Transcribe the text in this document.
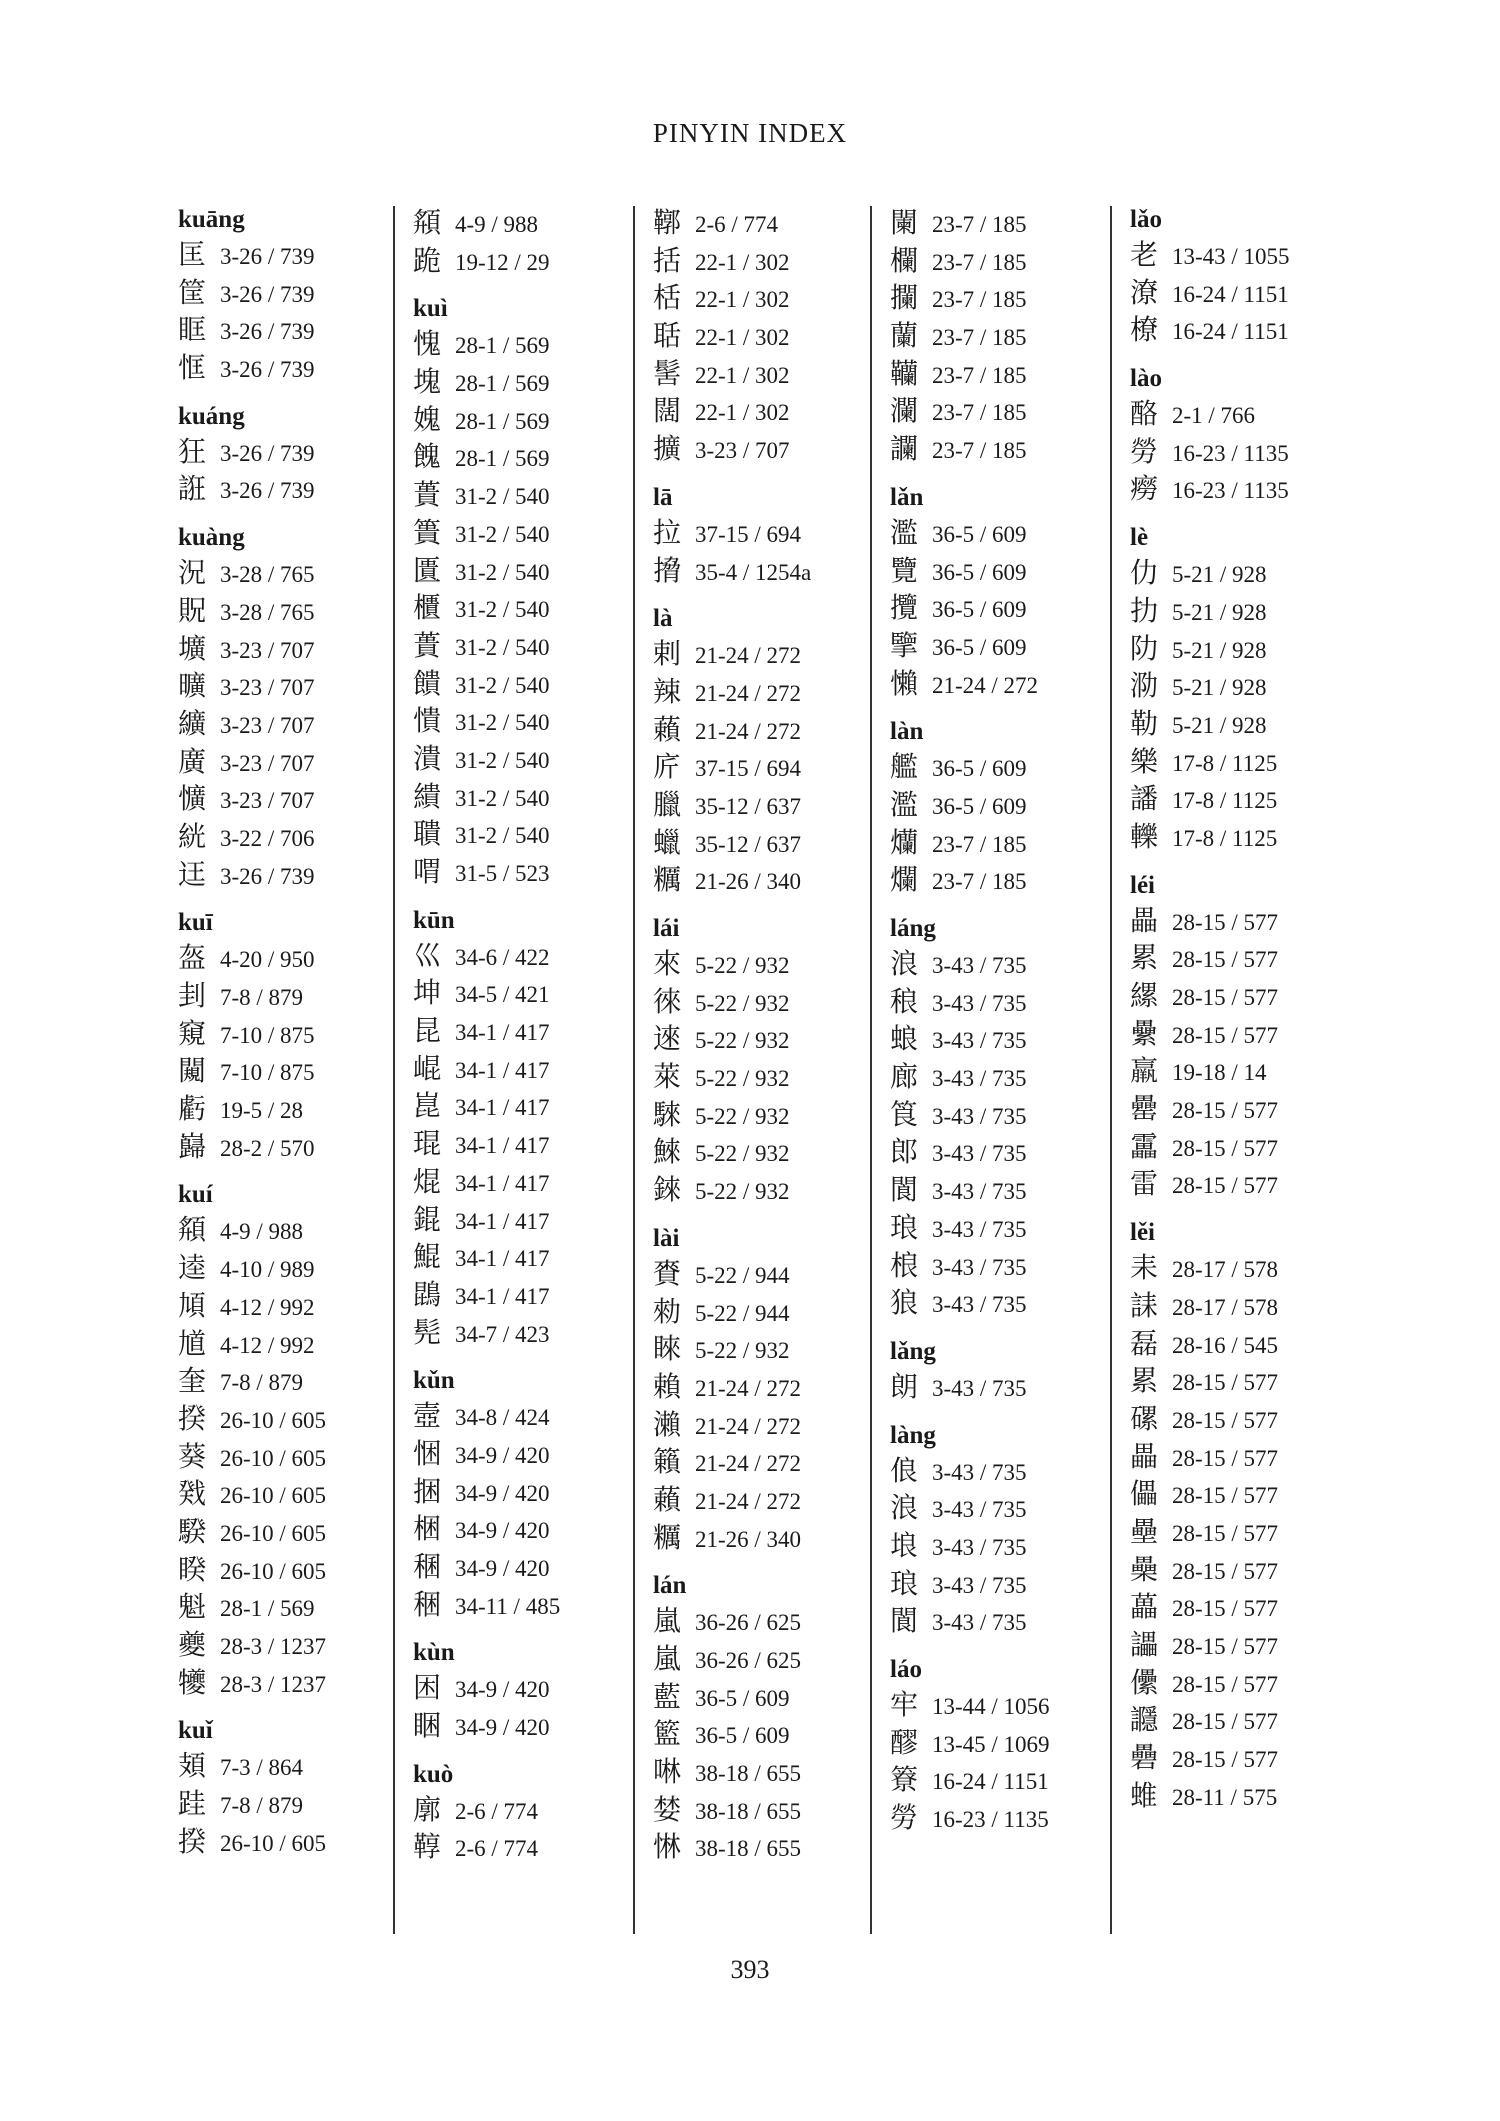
PINYIN INDEX
kuāng
匡 3-26 / 739
筐 3-26 / 739
眶 3-26 / 739
恇 3-26 / 739
kuáng
狂 3-26 / 739
誑 3-26 / 739
kuàng
況 3-28 / 765
貺 3-28 / 765
壙 3-23 / 707
曠 3-23 / 707
纊 3-23 / 707
廣 3-23 / 707
懭 3-23 / 707
絖 3-22 / 706
迋 3-26 / 739
kuī
盔 4-20 / 950
刲 7-8 / 879
窺 7-10 / 875
闚 7-10 / 875
虧 19-5 / 28
巋 28-2 / 570
kuí
頯 4-9 / 988
逵 4-10 / 989
頄 4-12 / 992
馗 4-12 / 992
奎 7-8 / 879
揆 26-10 / 605
葵 26-10 / 605
戣 26-10 / 605
騤 26-10 / 605
睽 26-10 / 605
魁 28-1 / 569
夔 28-3 / 1237
犪 28-3 / 1237
kuǐ
頍 7-3 / 864
跬 7-8 / 879
揆 26-10 / 605
頯 4-9 / 988
跪 19-12 / 29
kuì
愧 28-1 / 569
塊 28-1 / 569
媿 28-1 / 569
餽 28-1 / 569
蕢 31-2 / 540
簣 31-2 / 540
匱 31-2 / 540
櫃 31-2 / 540
蕢 31-2 / 540
饋 31-2 / 540
憒 31-2 / 540
潰 31-2 / 540
繢 31-2 / 540
聵 31-2 / 540
喟 31-5 / 523
kūn
巛 34-6 / 422
坤 34-5 / 421
昆 34-1 / 417
崐 34-1 / 417
崑 34-1 / 417
琨 34-1 / 417
焜 34-1 / 417
錕 34-1 / 417
鯤 34-1 / 417
鵾 34-1 / 417
髡 34-7 / 423
kǔn
壼 34-8 / 424
悃 34-9 / 420
捆 34-9 / 420
梱 34-9 / 420
稛 34-9 / 420
稇 34-11 / 485
kùn
困 34-9 / 420
睏 34-9 / 420
kuò
廓 2-6 / 774
鞟 2-6 / 774
鞹 2-6 / 774
括 22-1 / 302
栝 22-1 / 302
聒 22-1 / 302
髺 22-1 / 302
闊 22-1 / 302
擴 3-23 / 707
lā
拉 37-15 / 694
搚 35-4 / 1254a
là
剌 21-24 / 272
辣 21-24 / 272
藾 21-24 / 272
庍 37-15 / 694
臘 35-12 / 637
蠟 35-12 / 637
糲 21-26 / 340
lái
來 5-22 / 932
徠 5-22 / 932
逨 5-22 / 932
萊 5-22 / 932
騋 5-22 / 932
鯠 5-22 / 932
錸 5-22 / 932
lài
賚 5-22 / 944
勑 5-22 / 944
睞 5-22 / 932
賴 21-24 / 272
瀨 21-24 / 272
籟 21-24 / 272
藾 21-24 / 272
糲 21-26 / 340
lán
嵐 36-26 / 625
嵐 36-26 / 625
藍 36-5 / 609
籃 36-5 / 609
啉 38-18 / 655
婪 38-18 / 655
惏 38-18 / 655
闌 23-7 / 185
欄 23-7 / 185
攔 23-7 / 185
蘭 23-7 / 185
韊 23-7 / 185
瀾 23-7 / 185
讕 23-7 / 185
lǎn
濫 36-5 / 609
覽 36-5 / 609
攬 36-5 / 609
擥 36-5 / 609
懶 21-24 / 272
làn
艦 36-5 / 609
濫 36-5 / 609
爤 23-7 / 185
爛 23-7 / 185
láng
浪 3-43 / 735
稂 3-43 / 735
蜋 3-43 / 735
廊 3-43 / 735
筤 3-43 / 735
郎 3-43 / 735
閬 3-43 / 735
琅 3-43 / 735
桹 3-43 / 735
狼 3-43 / 735
lǎng
朗 3-43 / 735
làng
俍 3-43 / 735
浪 3-43 / 735
埌 3-43 / 735
琅 3-43 / 735
閬 3-43 / 735
láo
牢 13-44 / 1056
醪 13-45 / 1069
簝 16-24 / 1151
勞 16-23 / 1135
lǎo
老 13-43 / 1055
潦 16-24 / 1151
橑 16-24 / 1151
lào
酪 2-1 / 766
勞 16-23 / 1135
癆 16-23 / 1135
lè
仂 5-21 / 928
扐 5-21 / 928
阞 5-21 / 928
泐 5-21 / 928
勒 5-21 / 928
樂 17-8 / 1125
譒 17-8 / 1125
轢 17-8 / 1125
léi
畾 28-15 / 577
累 28-15 / 577
縲 28-15 / 577
纍 28-15 / 577
羸 19-18 / 14
罍 28-15 / 577
靁 28-15 / 577
雷 28-15 / 577
lěi
耒 28-17 / 578
誄 28-17 / 578
磊 28-16 / 545
累 28-15 / 577
磥 28-15 / 577
畾 28-15 / 577
儡 28-15 / 577
壘 28-15 / 577
櫐 28-15 / 577
藟 28-15 / 577
讄 28-15 / 577
儽 28-15 / 577
讔 28-15 / 577
礨 28-15 / 577
蜼 28-11 / 575
393
